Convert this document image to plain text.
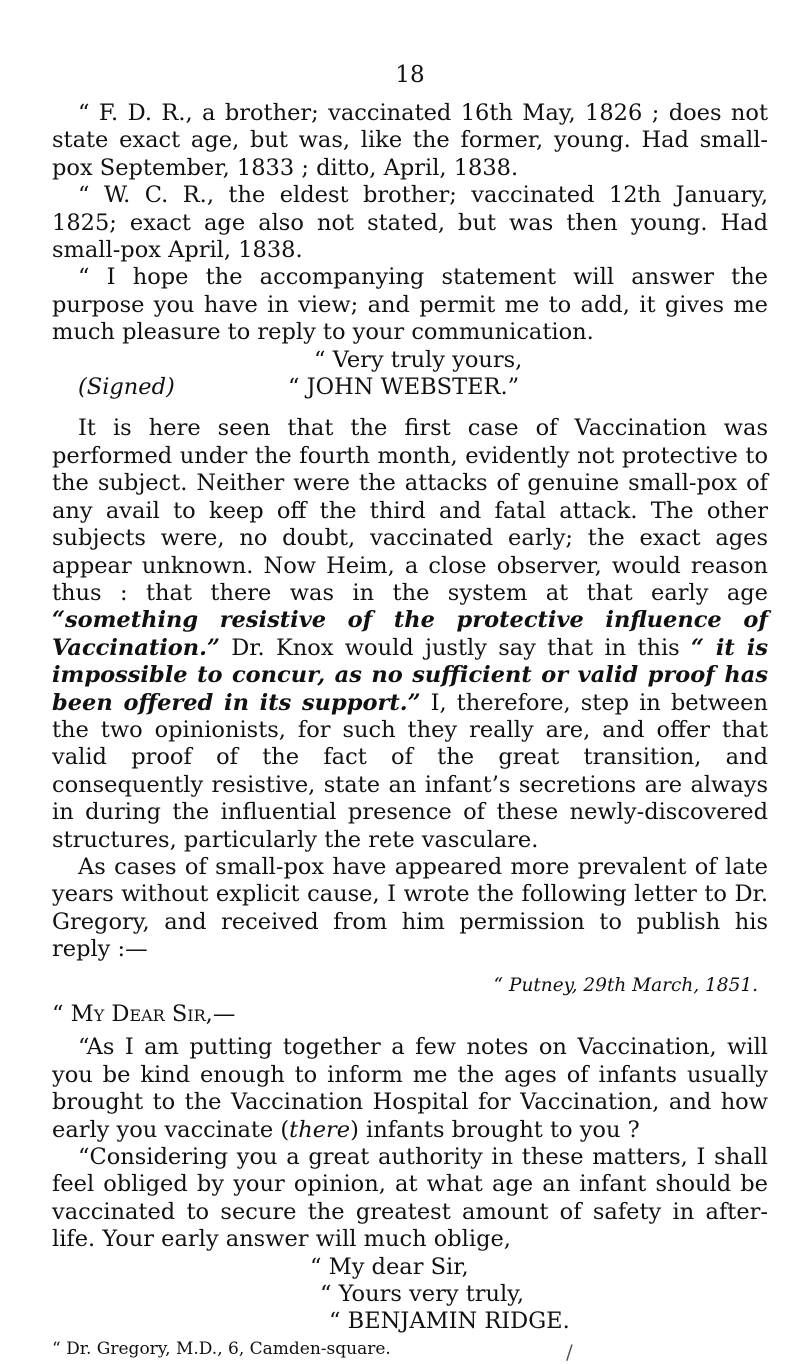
18

“ F. D. R., a brother; vaccinated 16th May, 1826 ; does not state exact age, but was, like the former, young. Had small-pox September, 1833 ; ditto, April, 1838.

“ W. C. R., the eldest brother; vaccinated 12th January, 1825; exact age also not stated, but was then young. Had small-pox April, 1838.

“ I hope the accompanying statement will answer the purpose you have in view; and permit me to add, it gives me much pleasure to reply to your communication.

“ Very truly yours,

(Signed)	“ JOHN WEBSTER.”

It is here seen that the first case of Vaccination was performed under the fourth month, evidently not protective to the subject. Neither were the attacks of genuine small-pox of any avail to keep off the third and fatal attack. The other subjects were, no doubt, vaccinated early; the exact ages appear unknown. Now Heim, a close observer, would reason thus : that there was in the system at that early age “something resistive of the protective influence of Vaccination.” Dr. Knox would justly say that in this “ it is impossible to concur, as no sufficient or valid proof has been offered in its support.” I, therefore, step in between the two opinionists, for such they really are, and offer that valid proof of the fact of the great transition, and consequently resistive, state an infant’s secretions are always in during the influential presence of these newly-discovered structures, particularly the rete vasculare.

As cases of small-pox have appeared more prevalent of late years without explicit cause, I wrote the following letter to Dr. Gregory, and received from him permission to publish his reply :—

“ Putney, 29th March, 1851.

“ My Dear Sir,—

“As I am putting together a few notes on Vaccination, will you be kind enough to inform me the ages of infants usually brought to the Vaccination Hospital for Vaccination, and how early you vaccinate (there) infants brought to you ?

“Considering you a great authority in these matters, I shall feel obliged by your opinion, at what age an infant should be vaccinated to secure the greatest amount of safety in after-life. Your early answer will much oblige,

“ My dear Sir,

“ Yours very truly,

“ BENJAMIN RIDGE.

“ Dr. Gregory, M.D., 6, Camden-square.	/
